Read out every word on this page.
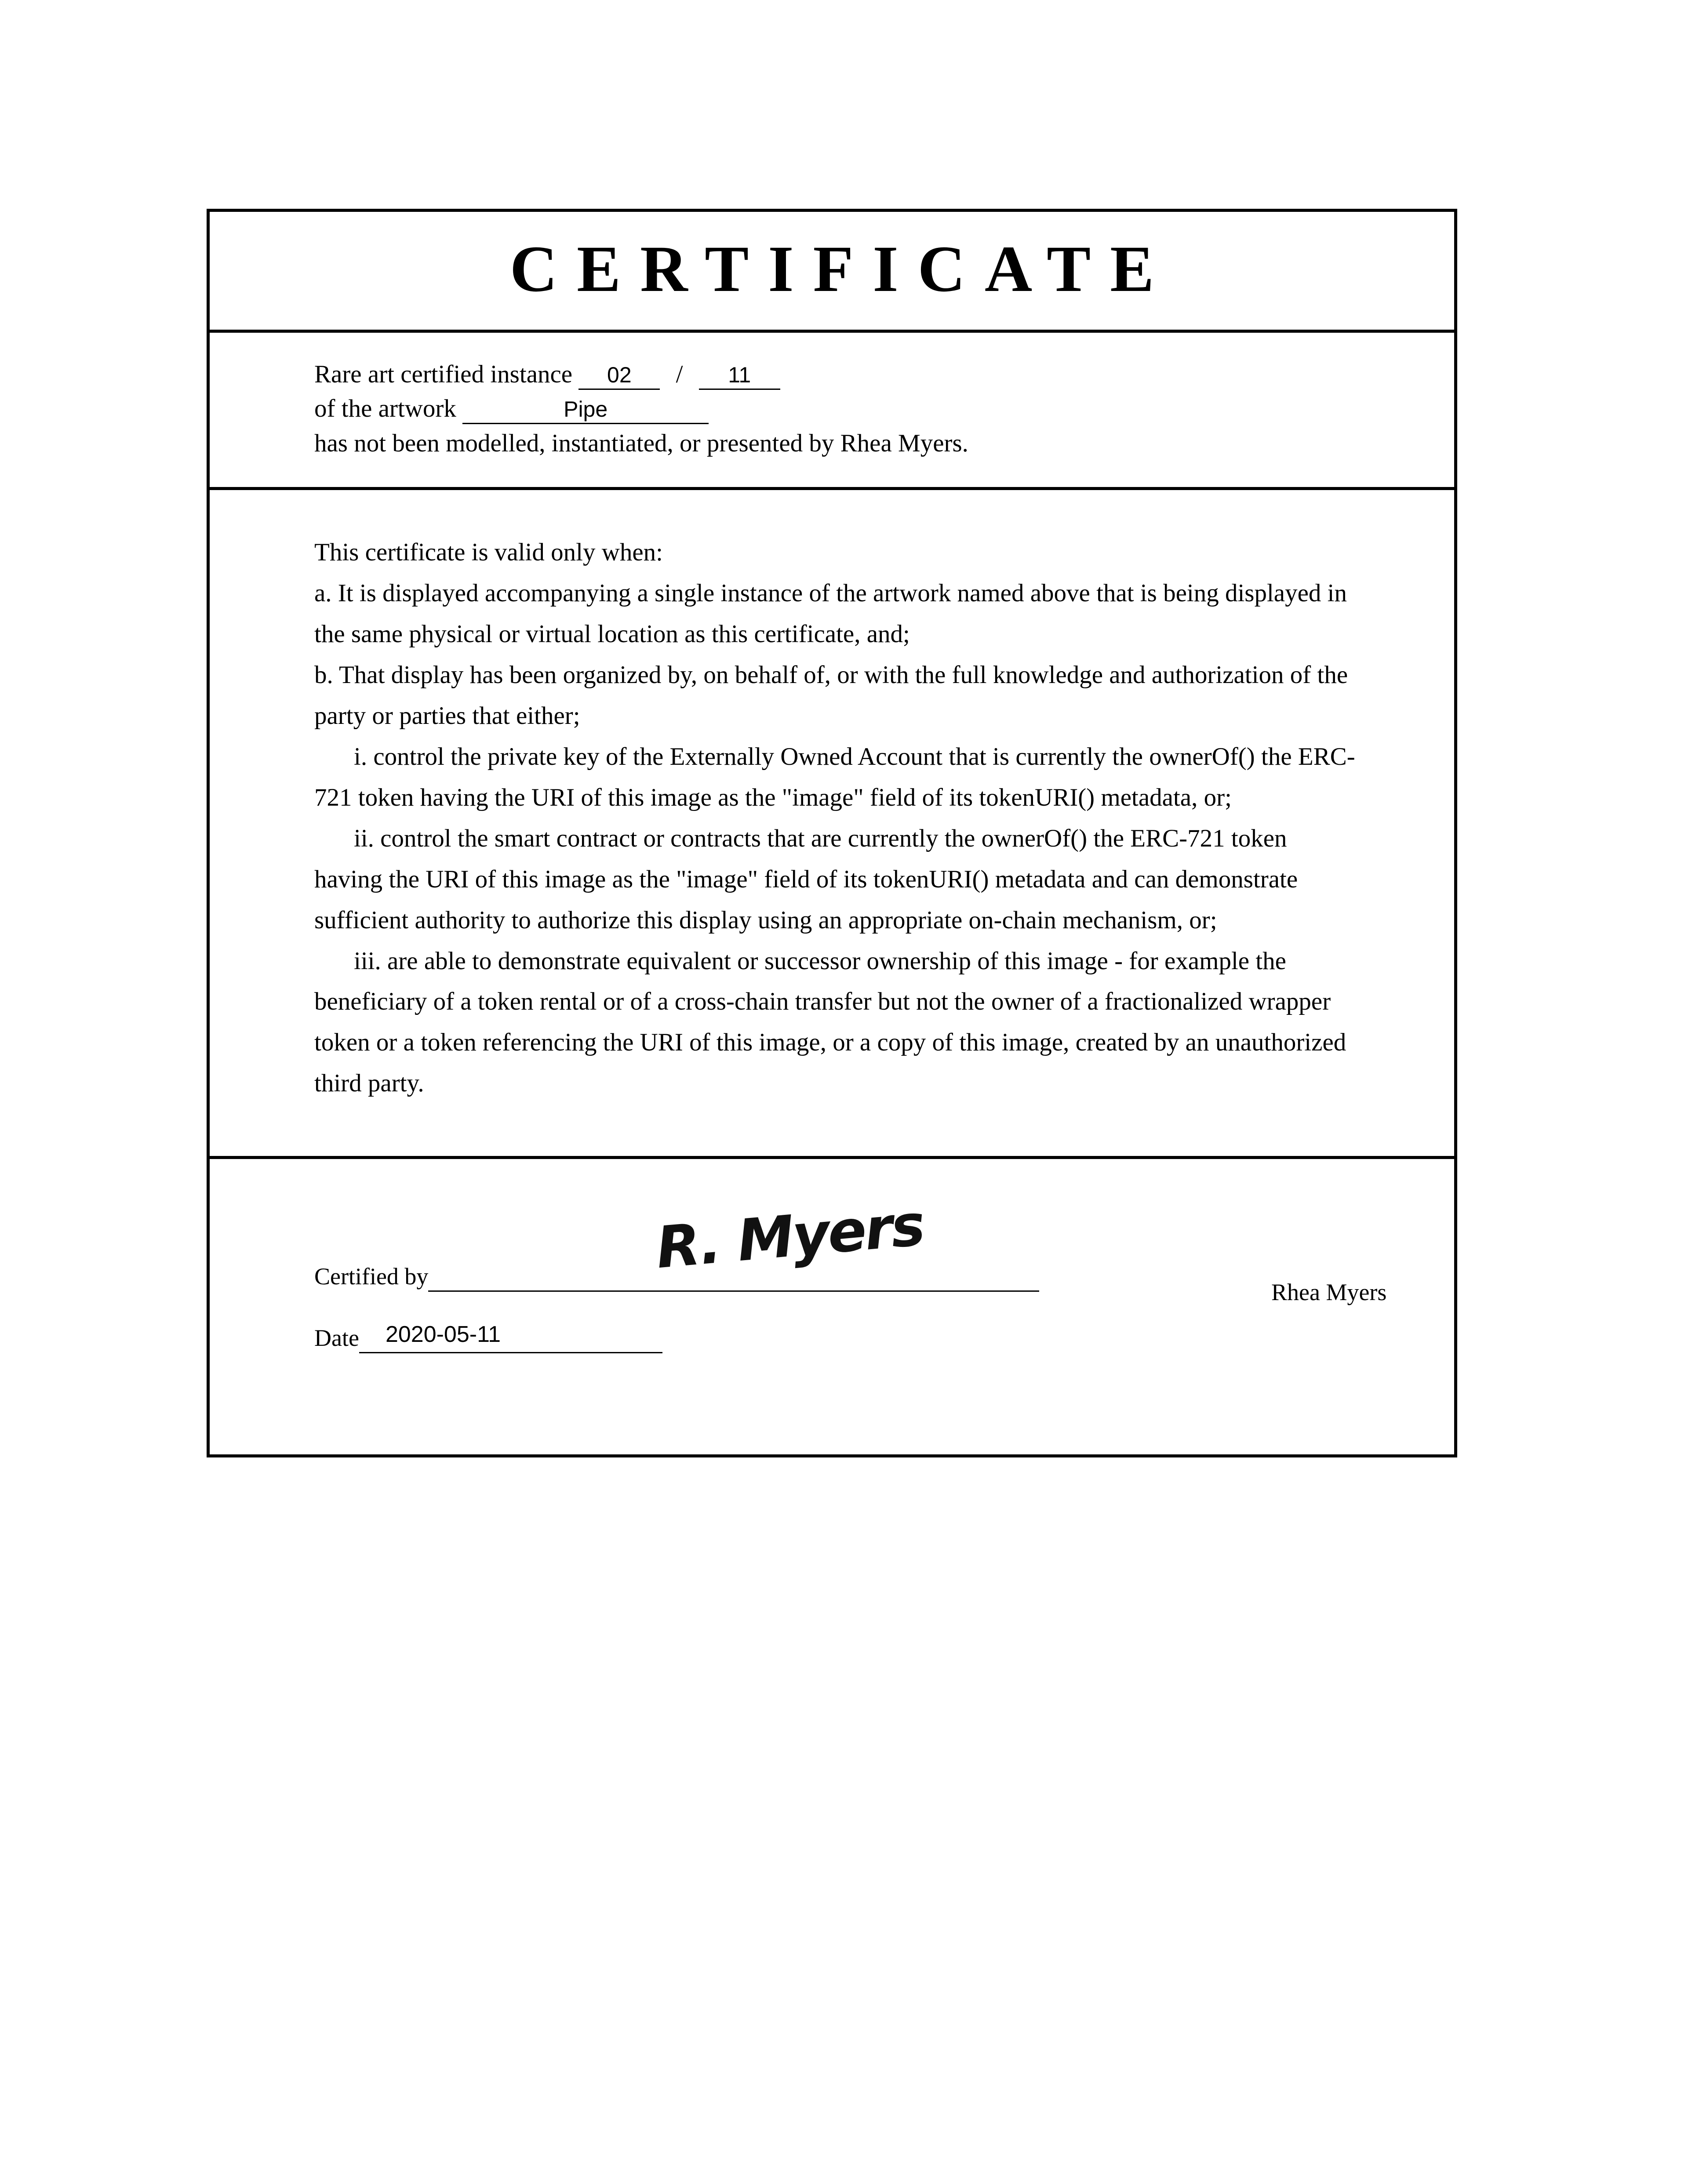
CERTIFICATE
Rare art certified instance 02 / 11
of the artwork	Pipe
has not been modelled, instantiated, or presented by Rhea Myers.

This certificate is valid only when:

a. It is displayed accompanying a single instance of the artwork named above that is being displayed in the same physical or virtual location as this certificate, and;

b. That display has been organized by, on behalf of, or with the full knowledge and authorization of the party or parties that either;

i. control the private key of the Externally Owned Account that is currently the ownerOf() the ERC-721 token having the URI of this image as the "image" field of its tokenURI() metadata, or;

ii. control the smart contract or contracts that are currently the ownerOf() the ERC-721 token having the URI of this image as the "image" field of its tokenURI() metadata and can demonstrate sufficient authority to authorize this display using an appropriate on-chain mechanism, or;

iii. are able to demonstrate equivalent or successor ownership of this image - for example the beneficiary of a token rental or of a cross-chain transfer but not the owner of a fractionalized wrapper token or a token referencing the URI of this image, or a copy of this image, created by an unauthorized third party.

R. Myers
Certified by
Rhea Myers
Date 2020-05-11
